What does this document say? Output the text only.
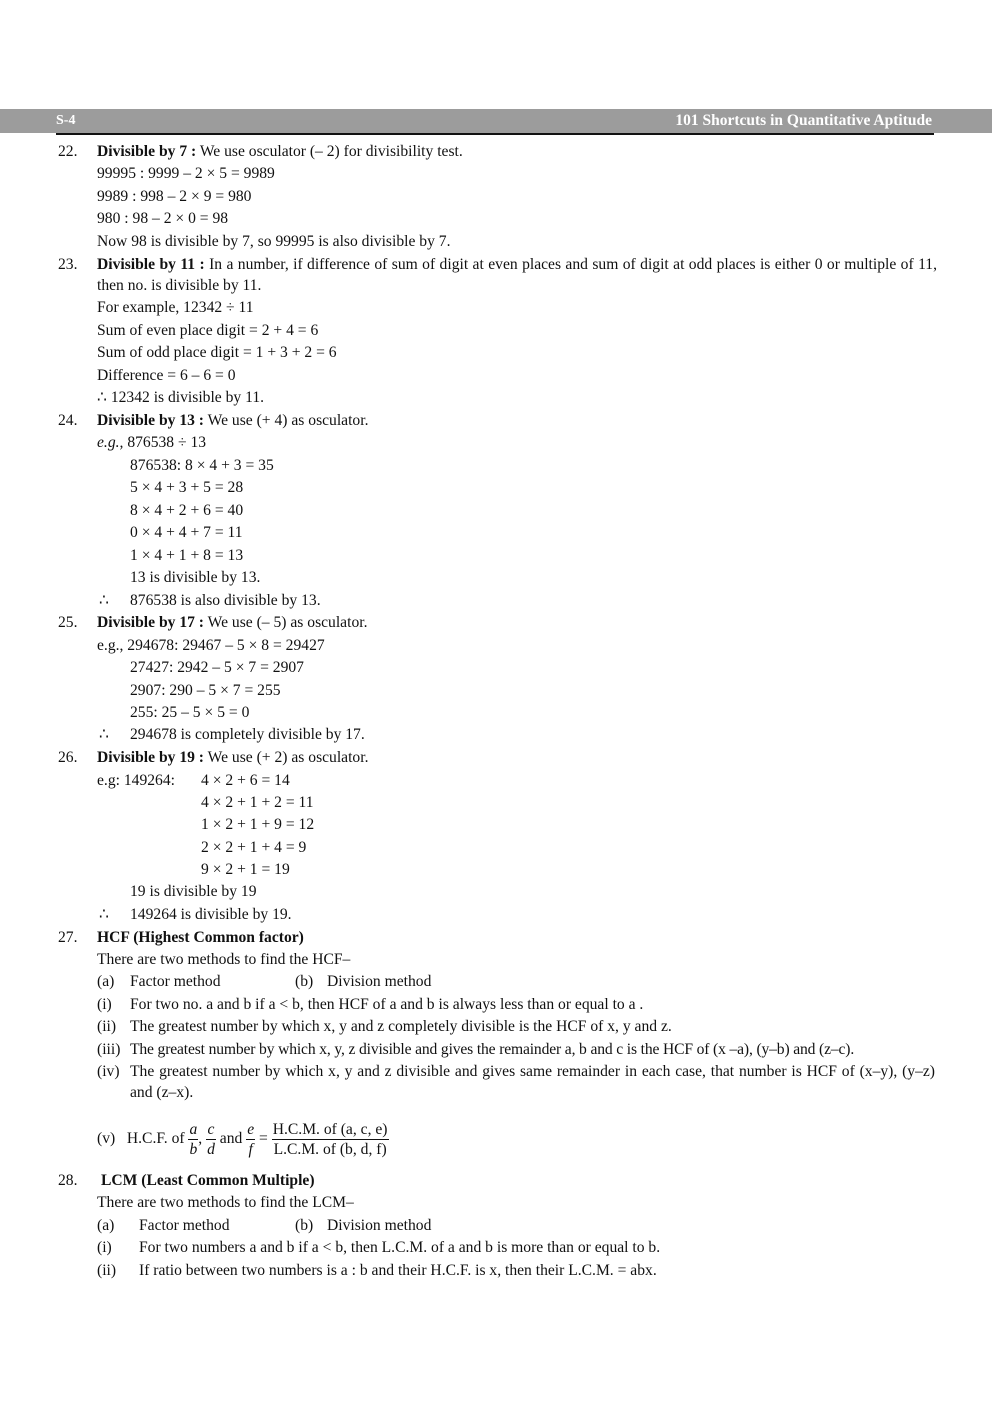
S-4	101 Shortcuts in Quantitative Aptitude
22. Divisible by 7 : We use osculator (– 2) for divisibility test.
99995 : 9999 – 2 × 5 = 9989
9989 : 998 – 2 × 9 = 980
980 : 98 – 2 × 0 = 98
Now 98 is divisible by 7, so 99995 is also divisible by 7.
23. Divisible by 11 : In a number, if difference of sum of digit at even places and sum of digit at odd places is either 0 or multiple of 11, then no. is divisible by 11.
For example, 12342 ÷ 11
Sum of even place digit = 2 + 4 = 6
Sum of odd place digit = 1 + 3 + 2 = 6
Difference = 6 – 6 = 0
∴ 12342 is divisible by 11.
24. Divisible by 13 : We use (+ 4) as osculator.
e.g., 876538 ÷ 13
876538: 8 × 4 + 3 = 35
5 × 4 + 3 + 5 = 28
8 × 4 + 2 + 6 = 40
0 × 4 + 4 + 7 = 11
1 × 4 + 1 + 8 = 13
13 is divisible by 13.
∴ 876538 is also divisible by 13.
25. Divisible by 17 : We use (– 5) as osculator.
e.g., 294678: 29467 – 5 × 8 = 29427
27427: 2942 – 5 × 7 = 2907
2907: 290 – 5 × 7 = 255
255: 25 – 5 × 5 = 0
∴ 294678 is completely divisible by 17.
26. Divisible by 19 : We use (+ 2) as osculator.
e.g: 149264: 4 × 2 + 6 = 14
4 × 2 + 1 + 2 = 11
1 × 2 + 1 + 9 = 12
2 × 2 + 1 + 4 = 9
9 × 2 + 1 = 19
19 is divisible by 19
∴ 149264 is divisible by 19.
27. HCF (Highest Common factor)
There are two methods to find the HCF–
(a) Factor method	(b) Division method
(i) For two no. a and b if a < b, then HCF of a and b is always less than or equal to a .
(ii) The greatest number by which x, y and z completely divisible is the HCF of x, y and z.
(iii) The greatest number by which x, y, z divisible and gives the remainder a, b and c is the HCF of (x –a), (y–b) and (z–c).
(iv) The greatest number by which x, y and z divisible and gives same remainder in each case, that number is HCF of (x–y), (y–z) and (z–x).
(v) H.C.F. of $\frac{a}{b}$ , $\frac{c}{d}$ and $\frac{e}{f} = \frac{H.C.M. of (a, c, e)}{L.C.M. of (b, d, f)}$
28. LCM (Least Common Multiple)
There are two methods to find the LCM–
(a) Factor method	(b) Division method
(i) For two numbers a and b if a < b, then L.C.M. of a and b is more than or equal to b.
(ii) If ratio between two numbers is a : b and their H.C.F. is x, then their L.C.M. = abx.
